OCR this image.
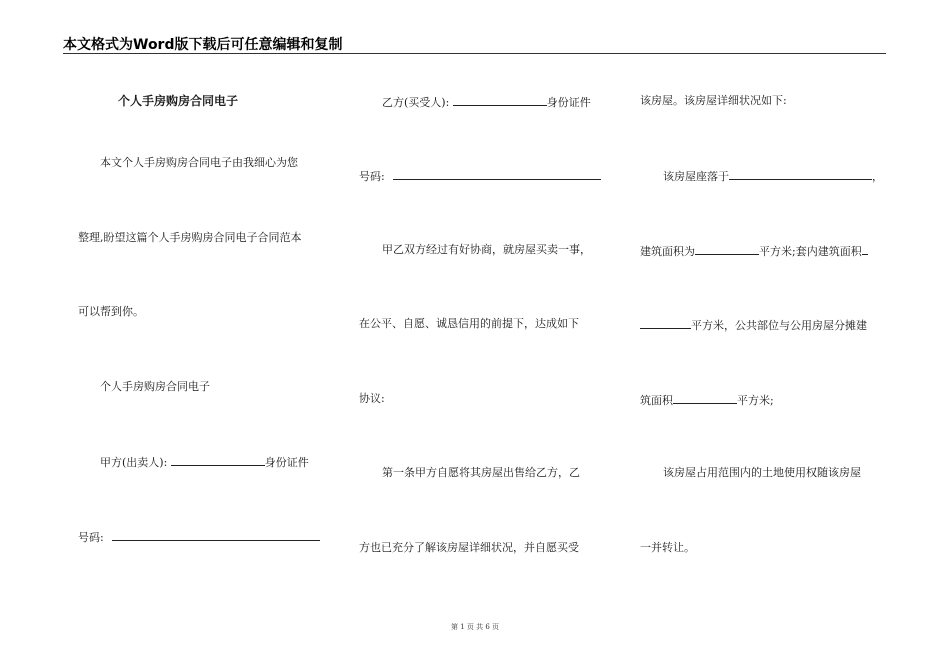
本文格式为Word版下载后可任意编辑和复制
个人手房购房合同电子
本文个人手房购房合同电子由我细心为您
整理,盼望这篇个人手房购房合同电子合同范本
可以帮到你。
个人手房购房合同电子
甲方(出卖人):	身份证件
号码:
乙方(买受人):	身份证件
号码:
甲乙双方经过有好协商，就房屋买卖一事，
在公平、自愿、诚恳信用的前提下，达成如下
协议:
第一条甲方自愿将其房屋出售给乙方，乙
方也已充分了解该房屋详细状况，并自愿买受
该房屋。该房屋详细状况如下:
该房屋座落于	，
建筑面积为	平方米;套内建筑面积
平方米，公共部位与公用房屋分摊建
筑面积	平方米;
该房屋占用范围内的土地使用权随该房屋
一并转让。
第 1 页 共 6 页
